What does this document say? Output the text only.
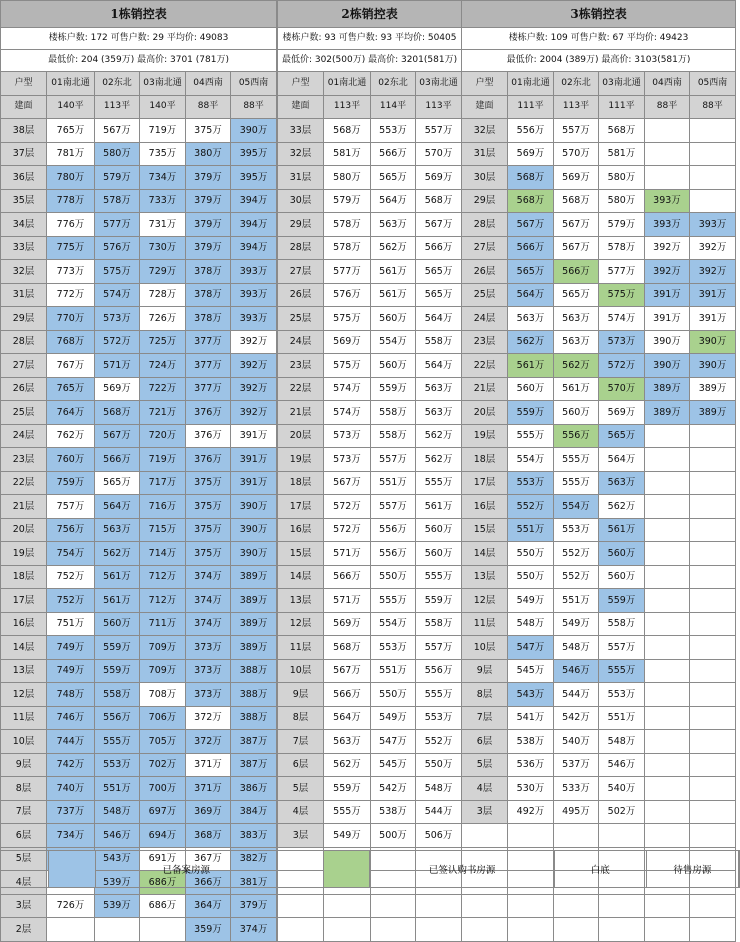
1栋销控表					
楼栋户数: 172 可售户数: 29 平均价: 49083					
最低价: 204 (359万) 最高价: 3701 (781万)					
户型	01南北通	02东北	03南北通	04西南	05西南
建面	140平	113平	140平	88平	88平
38层	765万	567万	719万	375万	390万
37层	781万	580万	735万	380万	395万
36层	780万	579万	734万	379万	395万
35层	778万	578万	733万	379万	394万
34层	776万	577万	731万	379万	394万
33层	775万	576万	730万	379万	394万
32层	773万	575万	729万	378万	393万
31层	772万	574万	728万	378万	393万
29层	770万	573万	726万	378万	393万
28层	768万	572万	725万	377万	392万
27层	767万	571万	724万	377万	392万
26层	765万	569万	722万	377万	392万
25层	764万	568万	721万	376万	392万
24层	762万	567万	720万	376万	391万
23层	760万	566万	719万	376万	391万
22层	759万	565万	717万	375万	391万
21层	757万	564万	716万	375万	390万
20层	756万	563万	715万	375万	390万
19层	754万	562万	714万	375万	390万
18层	752万	561万	712万	374万	389万
17层	752万	561万	712万	374万	389万
16层	751万	560万	711万	374万	389万
14层	749万	559万	709万	373万	389万
13层	749万	559万	709万	373万	388万
12层	748万	558万	708万	373万	388万
11层	746万	556万	706万	372万	388万
10层	744万	555万	705万	372万	387万
9层	742万	553万	702万	371万	387万
8层	740万	551万	700万	371万	386万
7层	737万	548万	697万	369万	384万
6层	734万	546万	694万	368万	383万
5层		543万	691万	367万	382万
4层		539万	686万	366万	381万
3层	726万	539万	686万	364万	379万
2层				359万	374万
2栋销控表			
楼栋户数: 93 可售户数: 93 平均价: 50405			
最低价: 302(500万) 最高价: 3201(581万)			
户型	01南北通	02东北	03南北通
建面	113平	114平	113平
33层	568万	553万	557万
32层	581万	566万	570万
31层	580万	565万	569万
30层	579万	564万	568万
29层	578万	563万	567万
28层	578万	562万	566万
27层	577万	561万	565万
26层	576万	561万	565万
25层	575万	560万	564万
24层	569万	554万	558万
23层	575万	560万	564万
22层	574万	559万	563万
21层	574万	558万	563万
20层	573万	558万	562万
19层	573万	557万	562万
18层	567万	551万	555万
17层	572万	557万	561万
16层	572万	556万	560万
15层	571万	556万	560万
14层	566万	550万	555万
13层	571万	555万	559万
12层	569万	554万	558万
11层	568万	553万	557万
10层	567万	551万	556万
9层	566万	550万	555万
8层	564万	549万	553万
7层	563万	547万	552万
6层	562万	545万	550万
5层	559万	542万	548万
4层	555万	538万	544万
3层	549万	500万	506万

3栋销控表					
楼栋户数: 109 可售户数: 67 平均价: 49423					
最低价: 2004 (389万) 最高价: 3103(581万)					
户型	01南北通	02东北	03南北通	04西南	05西南
建面	111平	113平	111平	88平	88平
32层	556万	557万	568万		
31层	569万	570万	581万		
30层	568万	569万	580万		
29层	568万	568万	580万	393万	
28层	567万	567万	579万	393万	393万
27层	566万	567万	578万	392万	392万
26层	565万	566万	577万	392万	392万
25层	564万	565万	575万	391万	391万
24层	563万	563万	574万	391万	391万
23层	562万	563万	573万	390万	390万
22层	561万	562万	572万	390万	390万
21层	560万	561万	570万	389万	389万
20层	559万	560万	569万	389万	389万
19层	555万	556万	565万		
18层	554万	555万	564万		
17层	553万	555万	563万		
16层	552万	554万	562万		
15层	551万	553万	561万		
14层	550万	552万	560万		
13层	550万	552万	560万		
12层	549万	551万	559万		
11层	548万	549万	558万		
10层	547万	548万	557万		
9层	545万	546万	555万		
8层	543万	544万	553万		
7层	541万	542万	551万		
6层	538万	540万	548万		
5层	536万	537万	546万		
4层	530万	533万	540万		
3层	492万	495万	502万		

已备案房源	已签认购书房源	白底	待售房源
